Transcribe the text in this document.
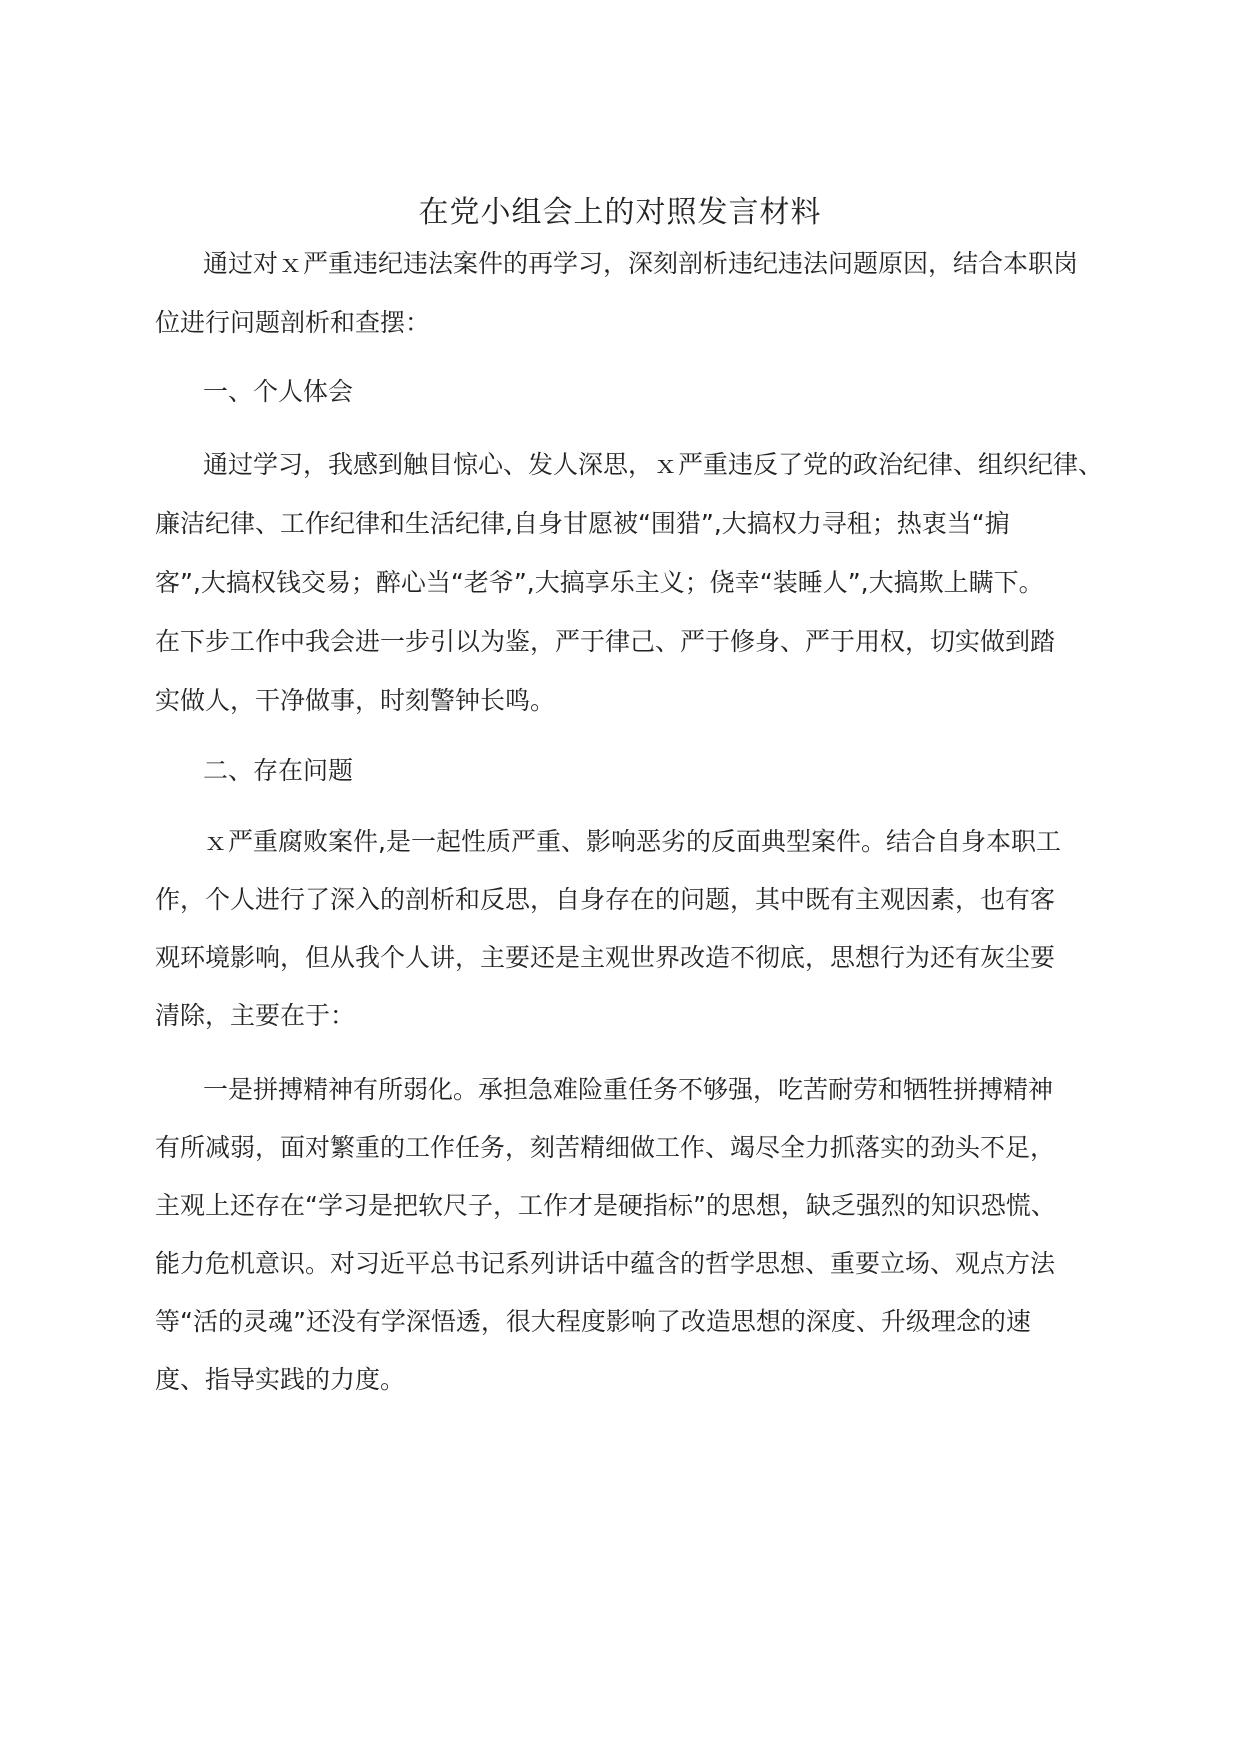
在党小组会上的对照发言材料
通过对ｘ严重违纪违法案件的再学习，深刻剖析违纪违法问题原因，结合本职岗
位进行问题剖析和查摆：
一、个人体会
通过学习，我感到触目惊心、发人深思，ｘ严重违反了党的政治纪律、组织纪律、
廉洁纪律、工作纪律和生活纪律,自身甘愿被“围猎”,大搞权力寻租；热衷当“掮
客”,大搞权钱交易；醉心当“老爷”,大搞享乐主义；侥幸“装睡人”,大搞欺上瞒下。
在下步工作中我会进一步引以为鉴，严于律己、严于修身、严于用权，切实做到踏
实做人，干净做事，时刻警钟长鸣。
二、存在问题
ｘ严重腐败案件,是一起性质严重、影响恶劣的反面典型案件。结合自身本职工
作，个人进行了深入的剖析和反思，自身存在的问题，其中既有主观因素，也有客
观环境影响，但从我个人讲，主要还是主观世界改造不彻底，思想行为还有灰尘要
清除，主要在于：
一是拼搏精神有所弱化。承担急难险重任务不够强，吃苦耐劳和牺牲拼搏精神
有所减弱，面对繁重的工作任务，刻苦精细做工作、竭尽全力抓落实的劲头不足，
主观上还存在“学习是把软尺子，工作才是硬指标”的思想，缺乏强烈的知识恐慌、
能力危机意识。对习近平总书记系列讲话中蕴含的哲学思想、重要立场、观点方法
等“活的灵魂”还没有学深悟透，很大程度影响了改造思想的深度、升级理念的速
度、指导实践的力度。
